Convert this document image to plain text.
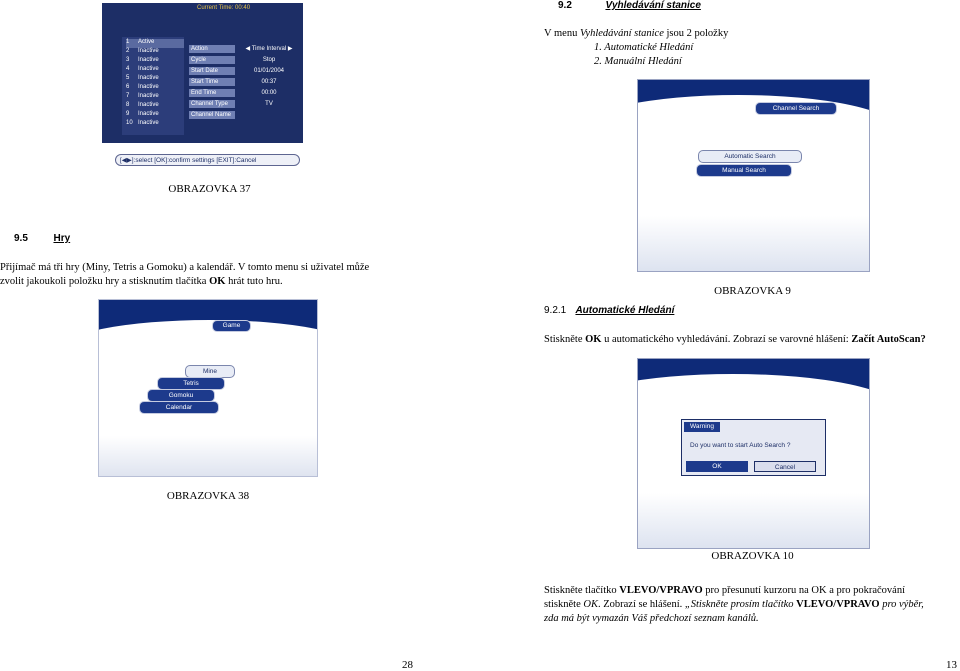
Current Time: 00:40
1 Active
2 Inactive
3 Inactive
4 Inactive
5 Inactive
6 Inactive
7 Inactive
8 Inactive
9 Inactive
10 Inactive
Action	◀ Time Interval ▶
Cycle	Stop
Start Date	01/01/2004
Start Time	00:37
End Time	00:00
Channel Type	TV
Channel Name
[◀▶]:select [OK]:confirm settings [EXIT]:Cancel
OBRAZOVKA 37
9.5	Hry
Přijímač má tři hry (Miny, Tetris a Gomoku) a kalendář. V tomto menu si uživatel může
zvolit jakoukoli položku hry a stisknutím tlačítka OK hrát tuto hru.
Game
Mine
Tetris
Gomoku
Calendar
OBRAZOVKA 38
28
9.2	Vyhledávání stanice
V menu Vyhledávání stanice jsou 2 položky
1. Automatické Hledání
2. Manuální Hledání
Channel Search
Automatic Search
Manual Search
OBRAZOVKA 9
9.2.1 Automatické Hledání
Stiskněte OK u automatického vyhledávání. Zobrazí se varovné hlášení: Začít AutoScan?
Warning
Do you want to start Auto Search ?
OK	Cancel
OBRAZOVKA 10
Stiskněte tlačítko VLEVO/VPRAVO pro přesunutí kurzoru na OK a pro pokračování
stiskněte OK. Zobrazí se hlášení. „Stiskněte prosím tlačítko VLEVO/VPRAVO pro výběr,
zda má být vymazán Váš předchozí seznam kanálů.
13
